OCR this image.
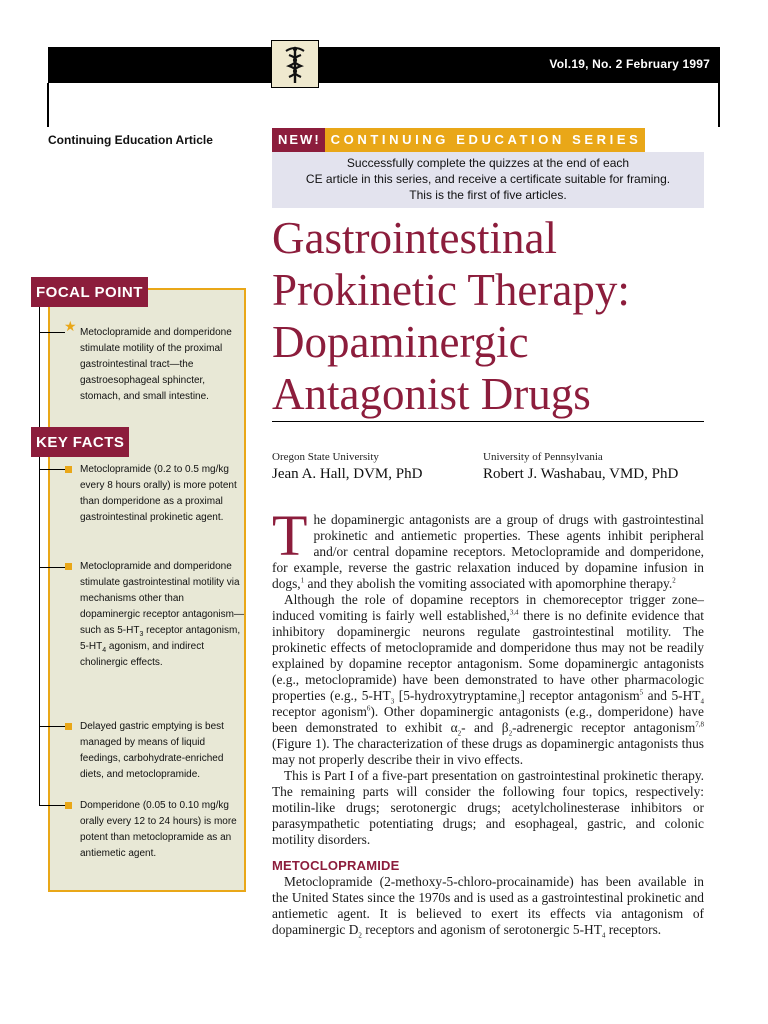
Vol.19, No. 2 February 1997
Continuing Education Article	NEW! CONTINUING EDUCATION SERIES
Successfully complete the quizzes at the end of each
CE article in this series, and receive a certificate suitable for framing.
This is the first of five articles.
Gastrointestinal
Prokinetic Therapy:
Dopaminergic
Antagonist Drugs
Oregon State University
Jean A. Hall, DVM, PhD
University of Pennsylvania
Robert J. Washabau, VMD, PhD

The dopaminergic antagonists are a group of drugs with gastrointestinal prokinetic and antiemetic properties. These agents inhibit peripheral and/or central dopamine receptors. Metoclopramide and domperidone, for example, reverse the gastric relaxation induced by dopamine infusion in dogs,$^1$ and they abolish the vomiting associated with apomorphine therapy.$^2$

Although the role of dopamine receptors in chemoreceptor trigger zone–induced vomiting is fairly well established,$^{3,4}$ there is no definite evidence that inhibitory dopaminergic neurons regulate gastrointestinal motility. The prokinetic effects of metoclopramide and domperidone thus may not be readily explained by dopamine receptor antagonism. Some dopaminergic antagonists (e.g., metoclopramide) have been demonstrated to have other pharmacologic properties (e.g., $5-HT_3$ [5-hydroxytryptamine$_3$] receptor antagonism$^5$ and $5-HT_4$ receptor agonism$^6$). Other dopaminergic antagonists (e.g., domperidone) have been demonstrated to exhibit $\alpha_2-$ and $\beta_2$-adrenergic receptor antagonism$^{7,8}$ (Figure 1). The characterization of these drugs as dopaminergic antagonists thus may not properly describe their in vivo effects.

This is Part I of a five-part presentation on gastrointestinal prokinetic therapy. The remaining parts will consider the following four topics, respectively: motilin-like drugs; serotonergic drugs; acetylcholinesterase inhibitors or parasympathetic potentiating drugs; and esophageal, gastric, and colonic motility disorders.

METOCLOPRAMIDE

Metoclopramide (2-methoxy-5-chloro-procainamide) has been available in the United States since the 1970s and is used as a gastrointestinal prokinetic and antiemetic agent. It is believed to exert its effects via antagonism of dopaminergic $D_2$ receptors and agonism of serotonergic $5-HT_4$ receptors.

FOCAL POINT
★ Metoclopramide and domperidone stimulate motility of the proximal gastrointestinal tract—the gastroesophageal sphincter, stomach, and small intestine.
KEY FACTS
Metoclopramide (0.2 to 0.5 mg/kg every 8 hours orally) is more potent than domperidone as a proximal gastrointestinal prokinetic agent.
Metoclopramide and domperidone stimulate gastrointestinal motility via mechanisms other than dopaminergic receptor antagonism—such as $5-HT_3$ receptor antagonism, $5-HT_4$ agonism, and indirect cholinergic effects.
Delayed gastric emptying is best managed by means of liquid feedings, carbohydrate-enriched diets, and metoclopramide.
Domperidone (0.05 to 0.10 mg/kg orally every 12 to 24 hours) is more potent than metoclopramide as an antiemetic agent.
